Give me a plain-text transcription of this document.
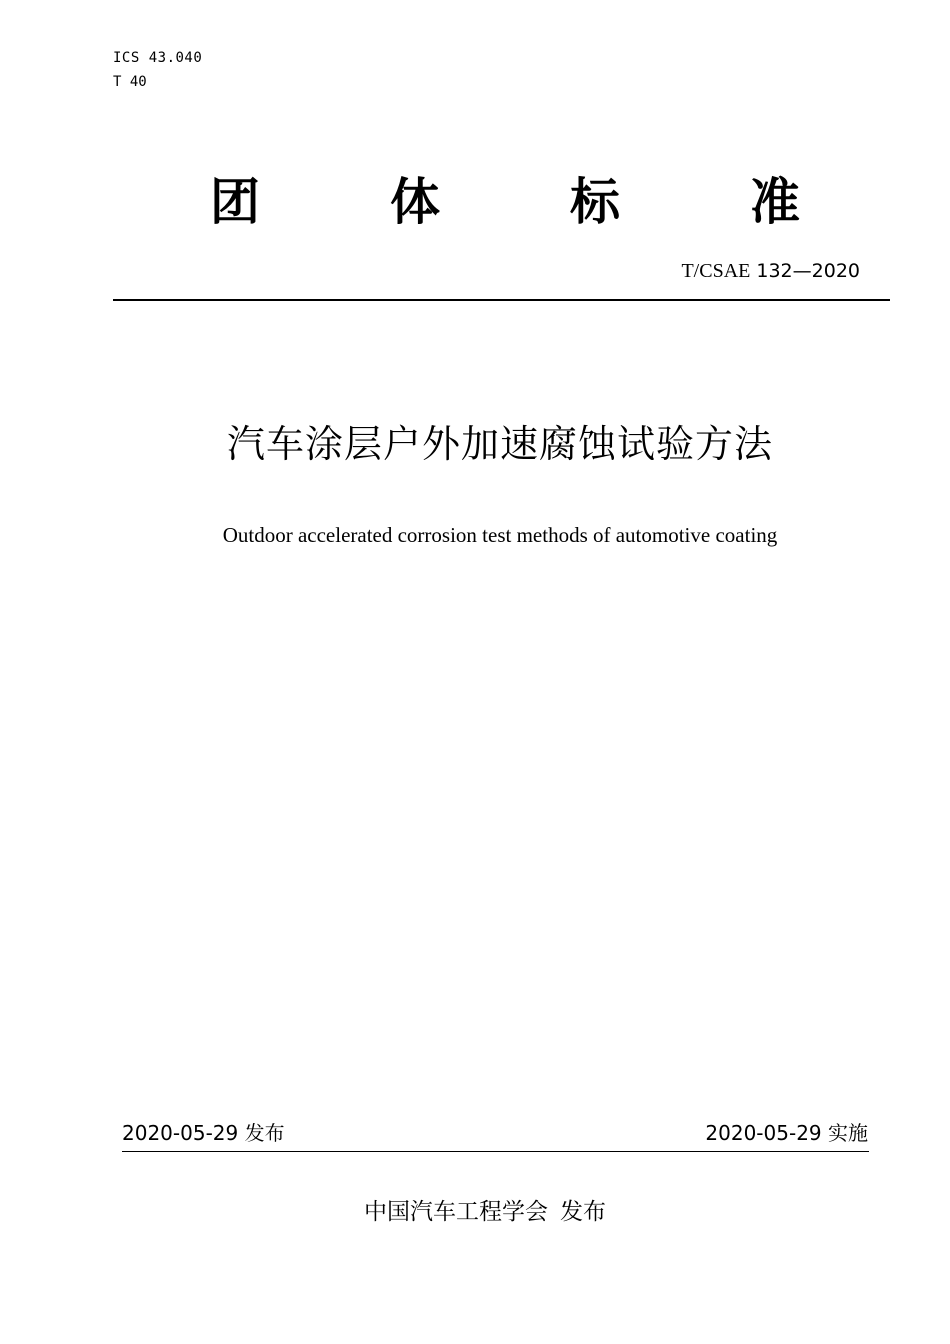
ICS 43.040
T 40
团	体	标	准
T/CSAE 132—2020
汽车涂层户外加速腐蚀试验方法
Outdoor accelerated corrosion test methods of automotive coating
2020-05-29 发布	2020-05-29 实施
中国汽车工程学会 发布
